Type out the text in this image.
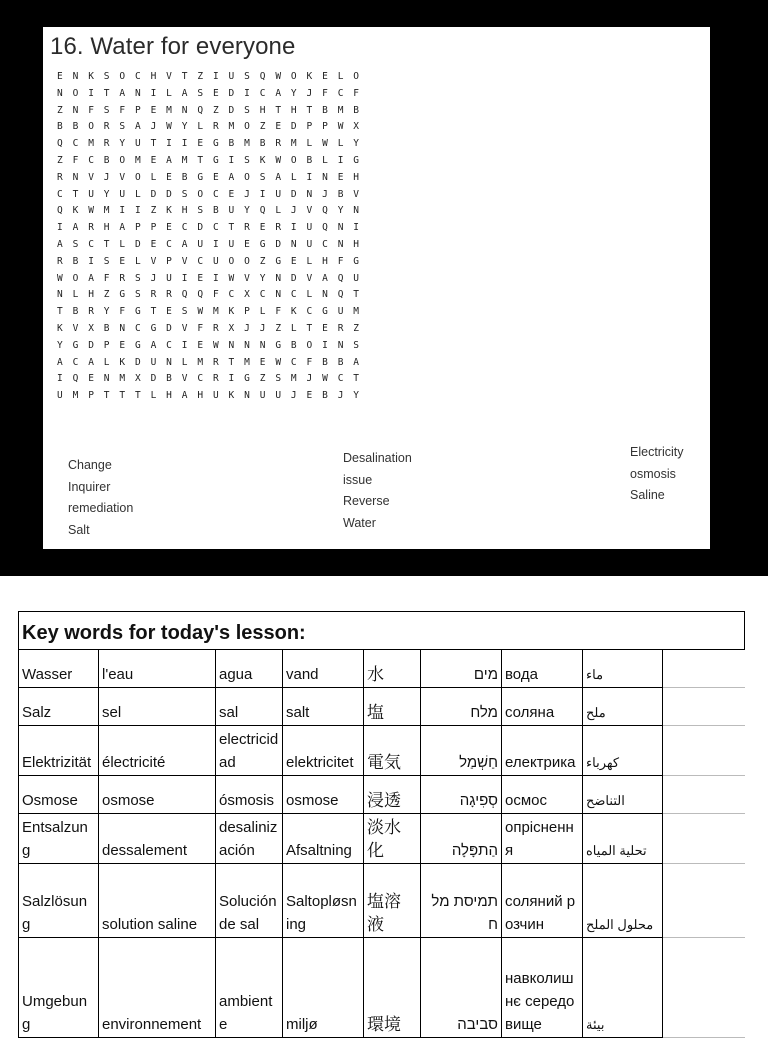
16. Water for everyone
E N K S O C H V T Z I U S Q W O K E L O
N O I T A N I L A S E D I C A Y J F C F
Z N F S F P E M N Q Z D S H T H T B M B
B B O R S A J W Y L R M O Z E D P P W X
Q C M R Y U T I I E G B M B R M L W L Y
Z F C B O M E A M T G I S K W O B L I G
R N V J V O L E B G E A O S A L I N E H
C T U Y U L D D S O C E J I U D N J B V
Q K W M I I Z K H S B U Y Q L J V Q Y N
I A R H A P P E C D C T R E R I U Q N I
A S C T L D E C A U I U E G D N U C N H
R B I S E L V P V C U O O Z G E L H F G
W O A F R S J U I E I W V Y N D V A Q U
N L H Z G S R R Q Q F C X C N C L N Q T
T B R Y F G T E S W M K P L F K C G U M
K V X B N C G D V F R X J J Z L T E R Z
Y G D P E G A C I E W N N N G B O I N S
A C A L K D U N L M R T M E W C F B B A
I Q E N M X D B V C R I G Z S M J W C T
U M P T T T L H A H U K N U U J E B J Y
Change
Inquirer
remediation
Salt
Desalination
issue
Reverse
Water
Electricity
osmosis
Saline
Key words for today's lesson:								
Wasser	l'eau	agua	vand	水	מים	вода	ماء	
Salz	sel	sal	salt	塩	מלח	соляна	ملح	
Elektrizität	électricité	electricidad	elektricitet	電気	חַשְׁמַל	електрика	كهرباء	
Osmose	osmose	ósmosis	osmose	浸透	סְפִיגָה	осмос	التناضح	
Entsalzung	dessalement	desalinización	Afsaltning	淡水化	הַתפָּלָה	опріснення	تحلية المياه	
Salzlösung	solution saline	Solución de sal	Saltopløsning	塩溶液	תמיסת מלח	соляний розчин	محلول الملح	
Umgebung	environnement	ambiente	miljø	環境	סביבה	навколишнє середовище	بيئة	
